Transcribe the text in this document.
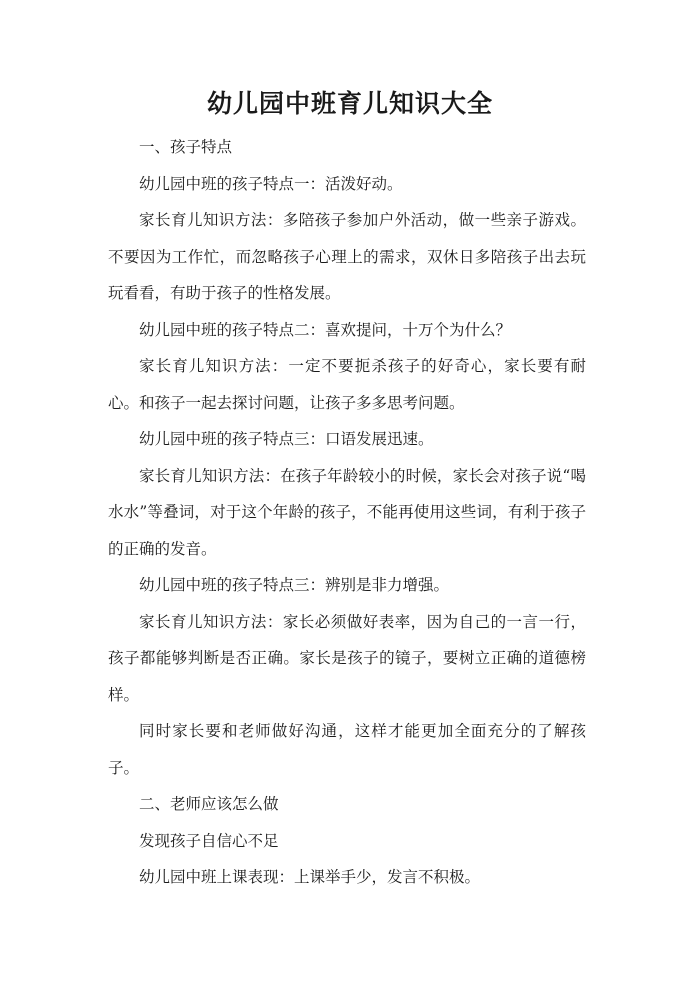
幼儿园中班育儿知识大全

一、孩子特点

幼儿园中班的孩子特点一：活泼好动。

家长育儿知识方法：多陪孩子参加户外活动，做一些亲子游戏。不要因为工作忙，而忽略孩子心理上的需求，双休日多陪孩子出去玩玩看看，有助于孩子的性格发展。

幼儿园中班的孩子特点二：喜欢提问，十万个为什么？

家长育儿知识方法：一定不要扼杀孩子的好奇心，家长要有耐心。和孩子一起去探讨问题，让孩子多多思考问题。

幼儿园中班的孩子特点三：口语发展迅速。

家长育儿知识方法：在孩子年龄较小的时候，家长会对孩子说“喝水水”等叠词，对于这个年龄的孩子，不能再使用这些词，有利于孩子的正确的发音。

幼儿园中班的孩子特点三：辨别是非力增强。

家长育儿知识方法：家长必须做好表率，因为自己的一言一行，孩子都能够判断是否正确。家长是孩子的镜子，要树立正确的道德榜样。

同时家长要和老师做好沟通，这样才能更加全面充分的了解孩子。

二、老师应该怎么做

发现孩子自信心不足

幼儿园中班上课表现：上课举手少，发言不积极。
